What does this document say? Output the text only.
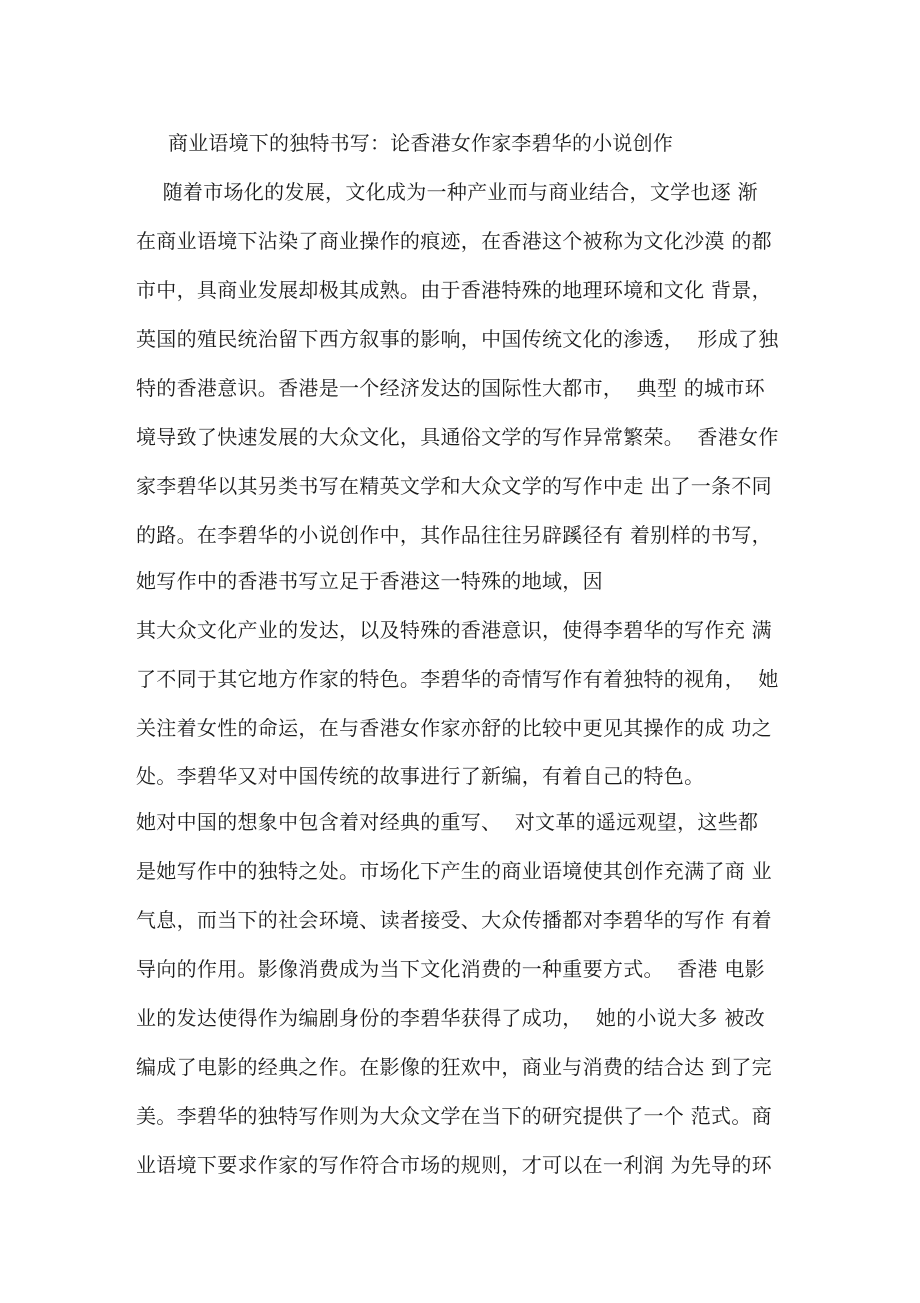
商业语境下的独特书写：论香港女作家李碧华的小说创作
随着市场化的发展，文化成为一种产业而与商业结合，文学也逐 渐
在商业语境下沾染了商业操作的痕迹，在香港这个被称为文化沙漠 的都
市中，具商业发展却极其成熟。由于香港特殊的地理环境和文化 背景，
英国的殖民统治留下西方叙事的影响，中国传统文化的渗透，  形成了独
特的香港意识。香港是一个经济发达的国际性大都市，  典型 的城市环
境导致了快速发展的大众文化，具通俗文学的写作异常繁荣。  香港女作
家李碧华以其另类书写在精英文学和大众文学的写作中走 出了一条不同
的路。在李碧华的小说创作中，其作品往往另辟蹊径有 着别样的书写，
她写作中的香港书写立足于香港这一特殊的地域，因
其大众文化产业的发达，以及特殊的香港意识，使得李碧华的写作充 满
了不同于其它地方作家的特色。李碧华的奇情写作有着独特的视角，  她
关注着女性的命运，在与香港女作家亦舒的比较中更见其操作的成 功之
处。李碧华又对中国传统的故事进行了新编，有着自己的特色。
她对中国的想象中包含着对经典的重写、  对文革的遥远观望，这些都
是她写作中的独特之处。市场化下产生的商业语境使其创作充满了商 业
气息，而当下的社会环境、读者接受、大众传播都对李碧华的写作 有着
导向的作用。影像消费成为当下文化消费的一种重要方式。  香港 电影
业的发达使得作为编剧身份的李碧华获得了成功，  她的小说大多 被改
编成了电影的经典之作。在影像的狂欢中，商业与消费的结合达 到了完
美。李碧华的独特写作则为大众文学在当下的研究提供了一个 范式。商
业语境下要求作家的写作符合市场的规则，才可以在一利润 为先导的环
